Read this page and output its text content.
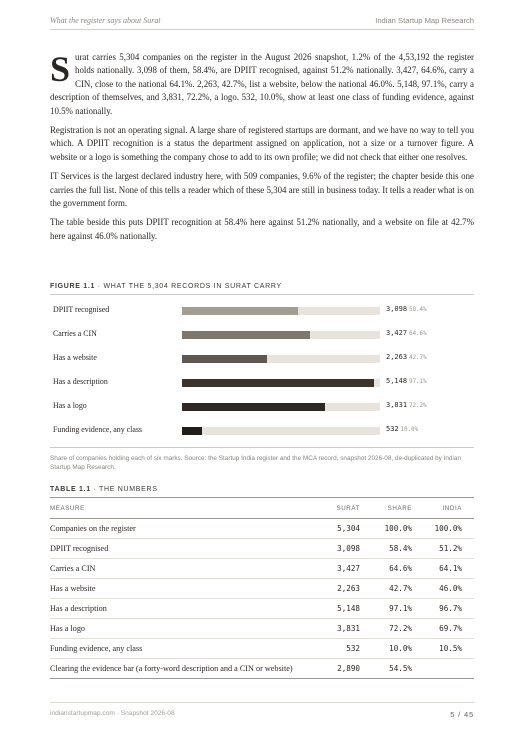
What the register says about Surat	Indian Startup Map Research

Surat carries 5,304 companies on the register in the August 2026 snapshot, 1.2% of the 4,53,192 the register holds nationally. 3,098 of them, 58.4%, are DPIIT recognised, against 51.2% nationally. 3,427, 64.6%, carry a CIN, close to the national 64.1%. 2,263, 42.7%, list a website, below the national 46.0%. 5,148, 97.1%, carry a description of themselves, and 3,831, 72.2%, a logo. 532, 10.0%, show at least one class of funding evidence, against 10.5% nationally.

Registration is not an operating signal. A large share of registered startups are dormant, and we have no way to tell you which. A DPIIT recognition is a status the department assigned on application, not a size or a turnover figure. A website or a logo is something the company chose to add to its own profile; we did not check that either one resolves.

IT Services is the largest declared industry here, with 509 companies, 9.6% of the register; the chapter beside this one carries the full list. None of this tells a reader which of these 5,304 are still in business today. It tells a reader what is on the government form.

The table beside this puts DPIIT recognition at 58.4% here against 51.2% nationally, and a website on file at 42.7% here against 46.0% nationally.

FIGURE 1.1 · WHAT THE 5,304 RECORDS IN SURAT CARRY
DPIIT recognised	3,098 58.4%
Carries a CIN	3,427 64.6%
Has a website	2,263 42.7%
Has a description	5,148 97.1%
Has a logo	3,831 72.2%
Funding evidence, any class	532 10.0%
Share of companies holding each of six marks. Source: the Startup India register and the MCA record, snapshot 2026-08, de-duplicated by Indian Startup Map Research.
TABLE 1.1 · THE NUMBERS
MEASURE	SURAT	SHARE	INDIA
Companies on the register	5,304	100.0%	100.0%
DPIIT recognised	3,098	58.4%	51.2%
Carries a CIN	3,427	64.6%	64.1%
Has a website	2,263	42.7%	46.0%
Has a description	5,148	97.1%	96.7%
Has a logo	3,831	72.2%	69.7%
Funding evidence, any class	532	10.0%	10.5%
Clearing the evidence bar (a forty-word description and a CIN or website)	2,890	54.5%	
indianstartupmap.com · Snapshot 2026-08	5 / 45
